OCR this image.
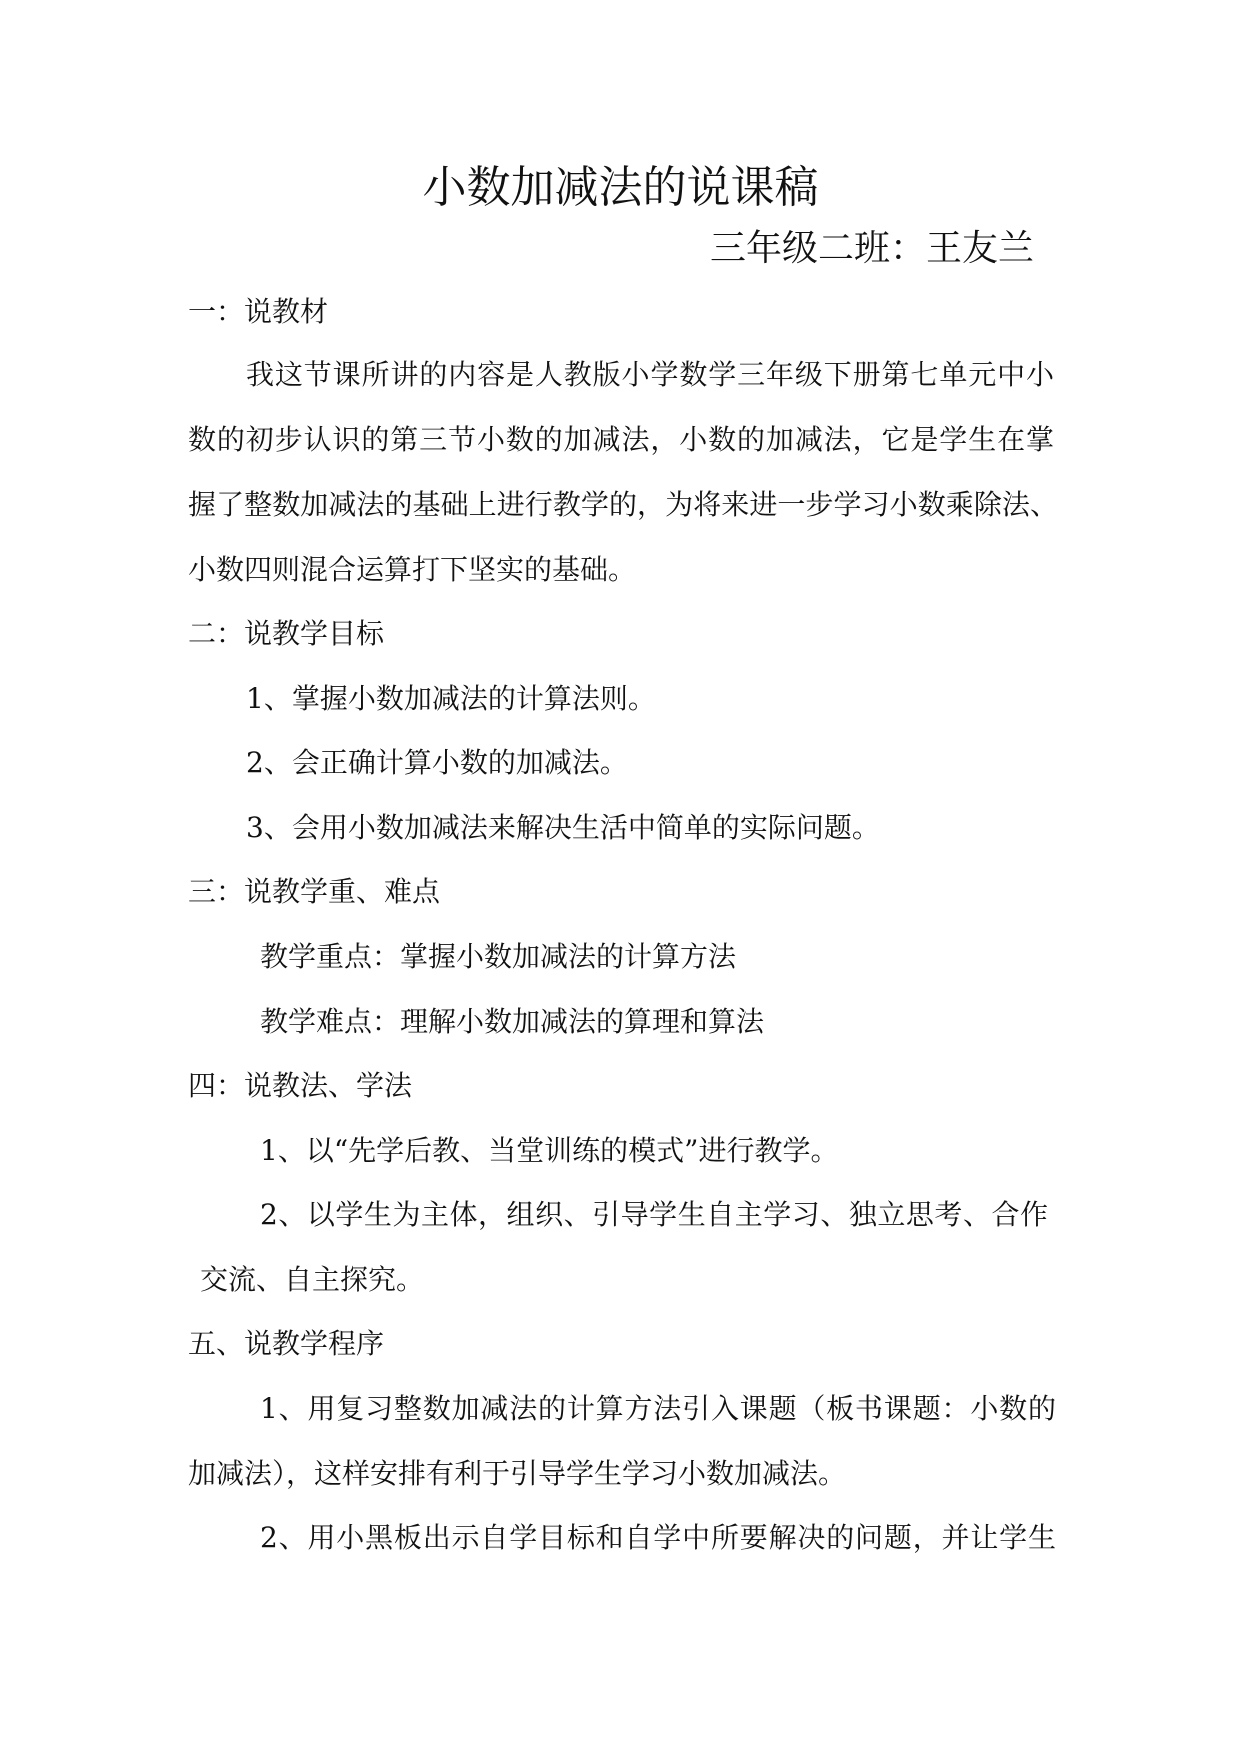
小数加减法的说课稿
三年级二班：王友兰
一：说教材
我这节课所讲的内容是人教版小学数学三年级下册第七单元中小
数的初步认识的第三节小数的加减法，小数的加减法，它是学生在掌
握了整数加减法的基础上进行教学的，为将来进一步学习小数乘除法、
小数四则混合运算打下坚实的基础。
二：说教学目标
1、掌握小数加减法的计算法则。
2、会正确计算小数的加减法。
3、会用小数加减法来解决生活中简单的实际问题。
三：说教学重、难点
教学重点：掌握小数加减法的计算方法
教学难点：理解小数加减法的算理和算法
四：说教法、学法
1、以“先学后教、当堂训练的模式”进行教学。
2、以学生为主体，组织、引导学生自主学习、独立思考、合作
交流、自主探究。
五、说教学程序
1、用复习整数加减法的计算方法引入课题（板书课题：小数的
加减法），这样安排有利于引导学生学习小数加减法。
2、用小黑板出示自学目标和自学中所要解决的问题，并让学生
